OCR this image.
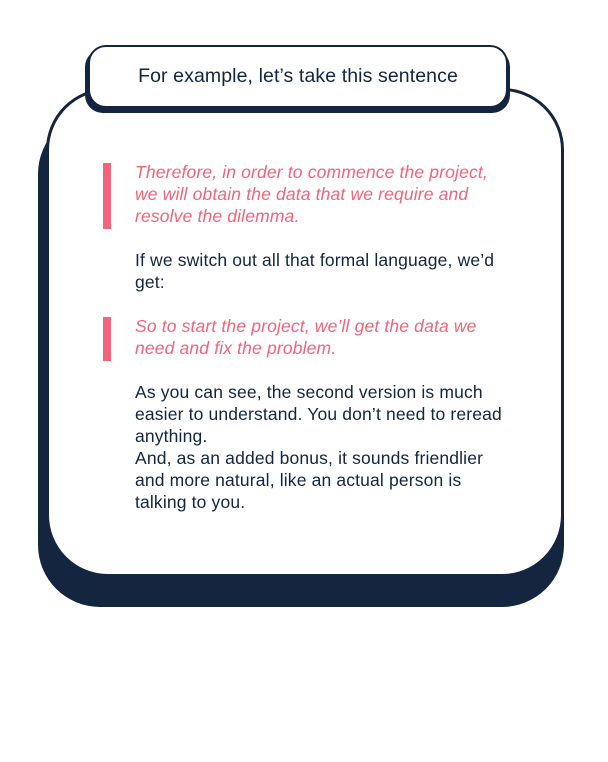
For example, let’s take this sentence

Therefore, in order to commence the project, we will obtain the data that we require and resolve the dilemma.

If we switch out all that formal language, we’d get:

So to start the project, we’ll get the data we need and fix the problem.

As you can see, the second version is much easier to understand. You don’t need to reread anything.

And, as an added bonus, it sounds friendlier and more natural, like an actual person is talking to you.
